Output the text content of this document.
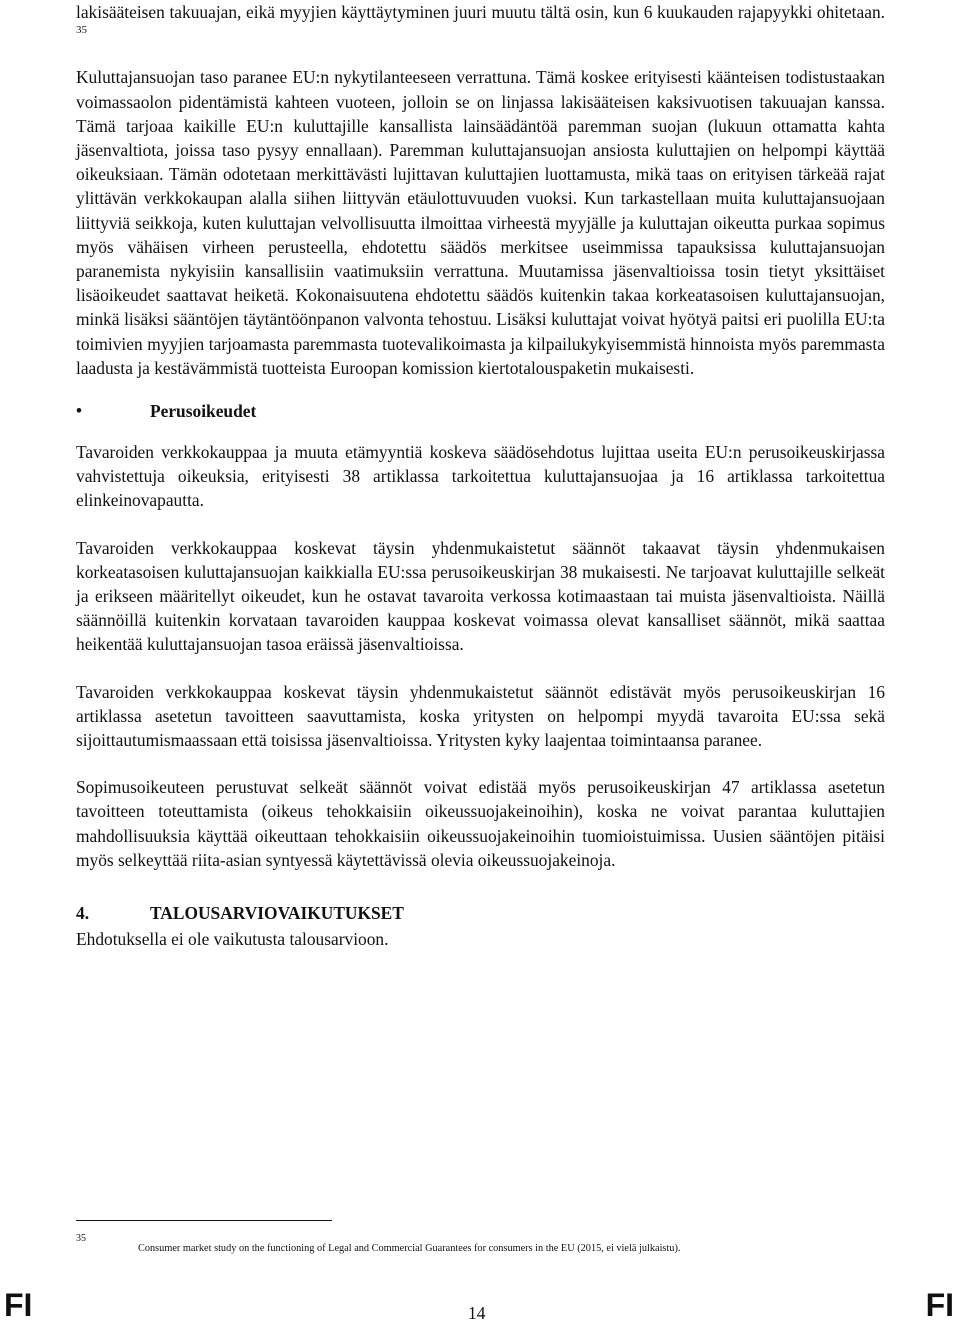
lakisääteisen takuuajan, eikä myyjien käyttäytyminen juuri muutu tältä osin, kun 6 kuukauden rajapyykki ohitetaan. $^{35}$

Kuluttajansuojan taso paranee EU:n nykytilanteeseen verrattuna. Tämä koskee erityisesti käänteisen todistustaakan voimassaolon pidentämistä kahteen vuoteen, jolloin se on linjassa lakisääteisen kaksivuotisen takuuajan kanssa. Tämä tarjoaa kaikille EU:n kuluttajille kansallista lainsäädäntöä paremman suojan (lukuun ottamatta kahta jäsenvaltiota, joissa taso pysyy ennallaan). Paremman kuluttajansuojan ansiosta kuluttajien on helpompi käyttää oikeuksiaan. Tämän odotetaan merkittävästi lujittavan kuluttajien luottamusta, mikä taas on erityisen tärkeää rajat ylittävän verkkokaupan alalla siihen liittyvän etäulottuvuuden vuoksi. Kun tarkastellaan muita kuluttajansuojaan liittyviä seikkoja, kuten kuluttajan velvollisuutta ilmoittaa virheestä myyjälle ja kuluttajan oikeutta purkaa sopimus myös vähäisen virheen perusteella, ehdotettu säädös merkitsee useimmissa tapauksissa kuluttajansuojan paranemista nykyisiin kansallisiin vaatimuksiin verrattuna. Muutamissa jäsenvaltioissa tosin tietyt yksittäiset lisäoikeudet saattavat heiketä. Kokonaisuutena ehdotettu säädös kuitenkin takaa korkeatasoisen kuluttajansuojan, minkä lisäksi sääntöjen täytäntöönpanon valvonta tehostuu. Lisäksi kuluttajat voivat hyötyä paitsi eri puolilla EU:ta toimivien myyjien tarjoamasta paremmasta tuotevalikoimasta ja kilpailukykyisemmistä hinnoista myös paremmasta laadusta ja kestävämmistä tuotteista Euroopan komission kiertotalouspaketin mukaisesti.

•	Perusoikeudet

Tavaroiden verkkokauppaa ja muuta etämyyntiä koskeva säädösehdotus lujittaa useita EU:n perusoikeuskirjassa vahvistettuja oikeuksia, erityisesti 38 artiklassa tarkoitettua kuluttajansuojaa ja 16 artiklassa tarkoitettua elinkeinovapautta.

Tavaroiden verkkokauppaa koskevat täysin yhdenmukaistetut säännöt takaavat täysin yhdenmukaisen korkeatasoisen kuluttajansuojan kaikkialla EU:ssa perusoikeuskirjan 38 mukaisesti. Ne tarjoavat kuluttajille selkeät ja erikseen määritellyt oikeudet, kun he ostavat tavaroita verkossa kotimaastaan tai muista jäsenvaltioista. Näillä säännöillä kuitenkin korvataan tavaroiden kauppaa koskevat voimassa olevat kansalliset säännöt, mikä saattaa heikentää kuluttajansuojan tasoa eräissä jäsenvaltioissa.

Tavaroiden verkkokauppaa koskevat täysin yhdenmukaistetut säännöt edistävät myös perusoikeuskirjan 16 artiklassa asetetun tavoitteen saavuttamista, koska yritysten on helpompi myydä tavaroita EU:ssa sekä sijoittautumismaassaan että toisissa jäsenvaltioissa. Yritysten kyky laajentaa toimintaansa paranee.

Sopimusoikeuteen perustuvat selkeät säännöt voivat edistää myös perusoikeuskirjan 47 artiklassa asetetun tavoitteen toteuttamista (oikeus tehokkaisiin oikeussuojakeinoihin), koska ne voivat parantaa kuluttajien mahdollisuuksia käyttää oikeuttaan tehokkaisiin oikeussuojakeinoihin tuomioistuimissa. Uusien sääntöjen pitäisi myös selkeyttää riita-asian syntyessä käytettävissä olevia oikeussuojakeinoja.

4.	TALOUSARVIOVAIKUTUKSET

Ehdotuksella ei ole vaikutusta talousarvioon.

35
Consumer market study on the functioning of Legal and Commercial Guarantees for consumers in the EU (2015, ei vielä julkaistu).
FI	14	FI
